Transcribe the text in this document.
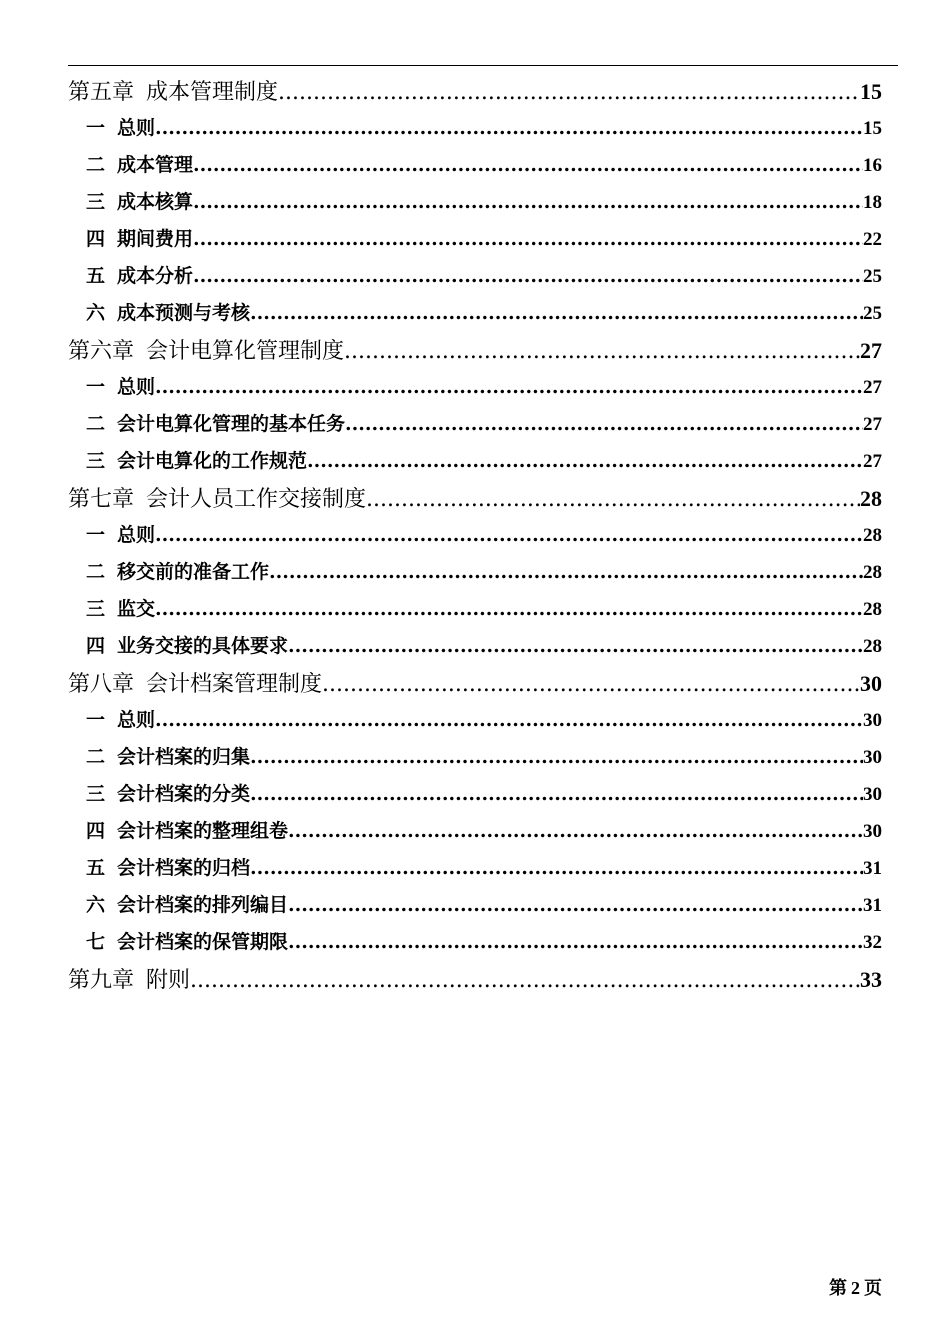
第五章 成本管理制度 .....	15
一 总则 .....	15
二 成本管理 .....	16
三 成本核算 .....	18
四 期间费用 .....	22
五 成本分析 .....	25
六 成本预测与考核 .....	25
第六章 会计电算化管理制度 .....	27
一 总则 .....	27
二 会计电算化管理的基本任务 .....	27
三 会计电算化的工作规范 .....	27
第七章 会计人员工作交接制度 .....	28
一 总则 .....	28
二 移交前的准备工作 .....	28
三 监交 .....	28
四 业务交接的具体要求 .....	28
第八章 会计档案管理制度 .....	30
一 总则 .....	30
二 会计档案的归集 .....	30
三 会计档案的分类 .....	30
四 会计档案的整理组卷 .....	30
五 会计档案的归档 .....	31
六 会计档案的排列编目 .....	31
七 会计档案的保管期限 .....	32
第九章 附则 .....	33
第 2 页
